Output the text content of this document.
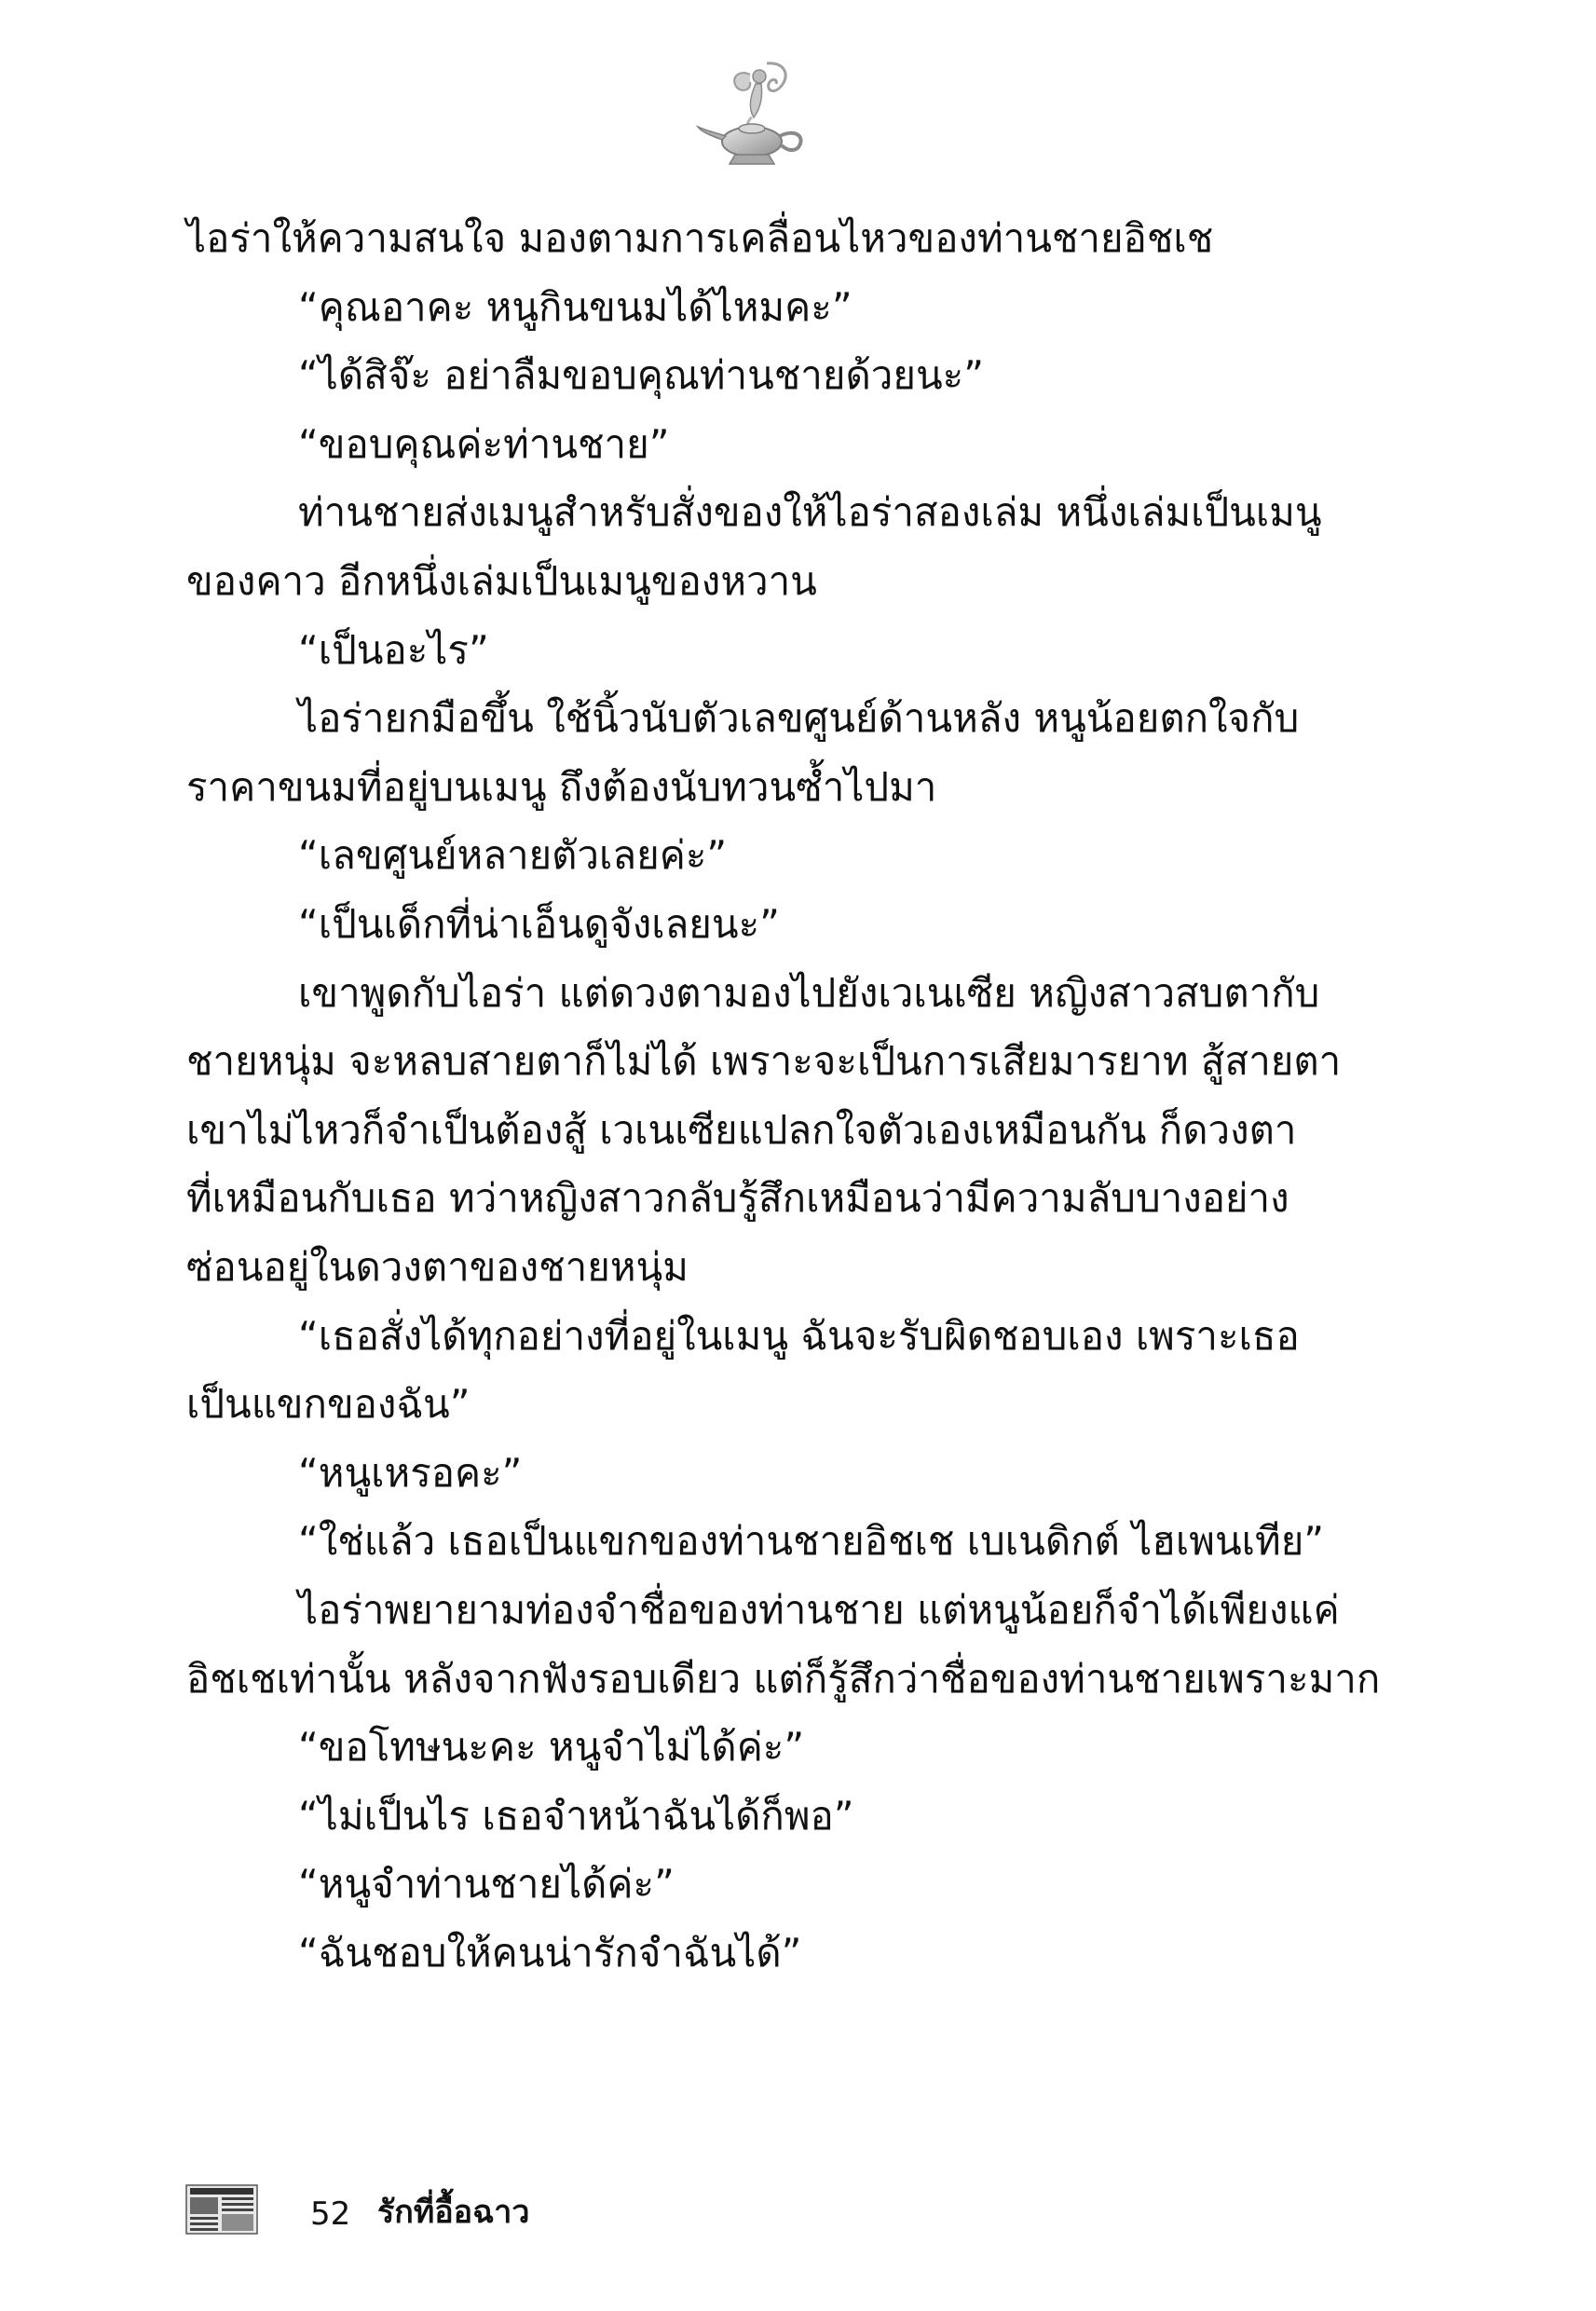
ไอร่าให้ความสนใจ มองตามการเคลื่อนไหวของท่านชายอิชเช
“คุณอาคะ หนูกินขนมได้ไหมคะ”
“ได้สิจ๊ะ อย่าลืมขอบคุณท่านชายด้วยนะ”
“ขอบคุณค่ะท่านชาย”
ท่านชายส่งเมนูสำหรับสั่งของให้ไอร่าสองเล่ม หนึ่งเล่มเป็นเมนู
ของคาว อีกหนึ่งเล่มเป็นเมนูของหวาน
“เป็นอะไร”
ไอร่ายกมือขึ้น ใช้นิ้วนับตัวเลขศูนย์ด้านหลัง หนูน้อยตกใจกับ
ราคาขนมที่อยู่บนเมนู ถึงต้องนับทวนซ้ำไปมา
“เลขศูนย์หลายตัวเลยค่ะ”
“เป็นเด็กที่น่าเอ็นดูจังเลยนะ”
เขาพูดกับไอร่า แต่ดวงตามองไปยังเวเนเซีย หญิงสาวสบตากับ
ชายหนุ่ม จะหลบสายตาก็ไม่ได้ เพราะจะเป็นการเสียมารยาท สู้สายตา
เขาไม่ไหวก็จำเป็นต้องสู้ เวเนเซียแปลกใจตัวเองเหมือนกัน ก็ดวงตา
ที่เหมือนกับเธอ ทว่าหญิงสาวกลับรู้สึกเหมือนว่ามีความลับบางอย่าง
ซ่อนอยู่ในดวงตาของชายหนุ่ม
“เธอสั่งได้ทุกอย่างที่อยู่ในเมนู ฉันจะรับผิดชอบเอง เพราะเธอ
เป็นแขกของฉัน”
“หนูเหรอคะ”
“ใช่แล้ว เธอเป็นแขกของท่านชายอิชเช เบเนดิกต์ ไฮเพนเทีย”
ไอร่าพยายามท่องจำชื่อของท่านชาย แต่หนูน้อยก็จำได้เพียงแค่
อิชเชเท่านั้น หลังจากฟังรอบเดียว แต่ก็รู้สึกว่าชื่อของท่านชายเพราะมาก
“ขอโทษนะคะ หนูจำไม่ได้ค่ะ”
“ไม่เป็นไร เธอจำหน้าฉันได้ก็พอ”
“หนูจำท่านชายได้ค่ะ”
“ฉันชอบให้คนน่ารักจำฉันได้”
52 รักที่อื้อฉาว
